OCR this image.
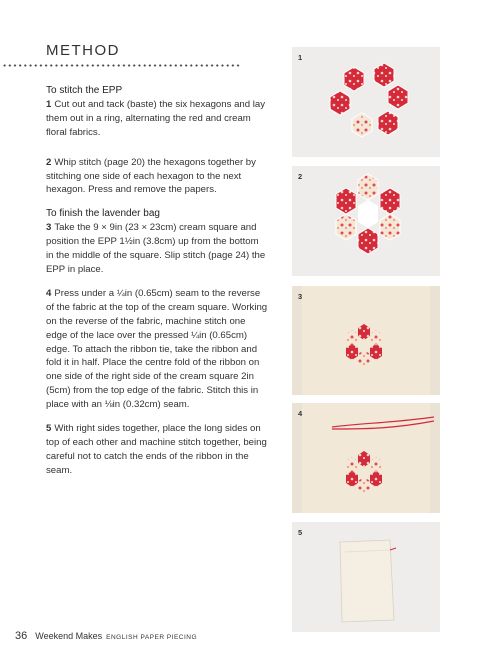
METHOD

To stitch the EPP

1 Cut out and tack (baste) the six hexagons and lay them out in a ring, alternating the red and cream floral fabrics.

2 Whip stitch (page 20) the hexagons together by stitching one side of each hexagon to the next hexagon. Press and remove the papers.

To finish the lavender bag

3 Take the 9 × 9in (23 × 23cm) cream square and position the EPP 1½in (3.8cm) up from the bottom in the middle of the square. Slip stitch (page 24) the EPP in place.

4 Press under a ¼in (0.65cm) seam to the reverse of the fabric at the top of the cream square. Working on the reverse of the fabric, machine stitch one edge of the lace over the pressed ¼in (0.65cm) edge. To attach the ribbon tie, take the ribbon and fold it in half. Place the centre fold of the ribbon on one side of the right side of the cream square 2in (5cm) from the top edge of the fabric. Stitch this in place with an ⅛in (0.32cm) seam.

5 With right sides together, place the long sides on top of each other and machine stitch together, being careful not to catch the ends of the ribbon in the seam.

1
2
3
4
5
36 Weekend Makes ENGLISH PAPER PIECING
